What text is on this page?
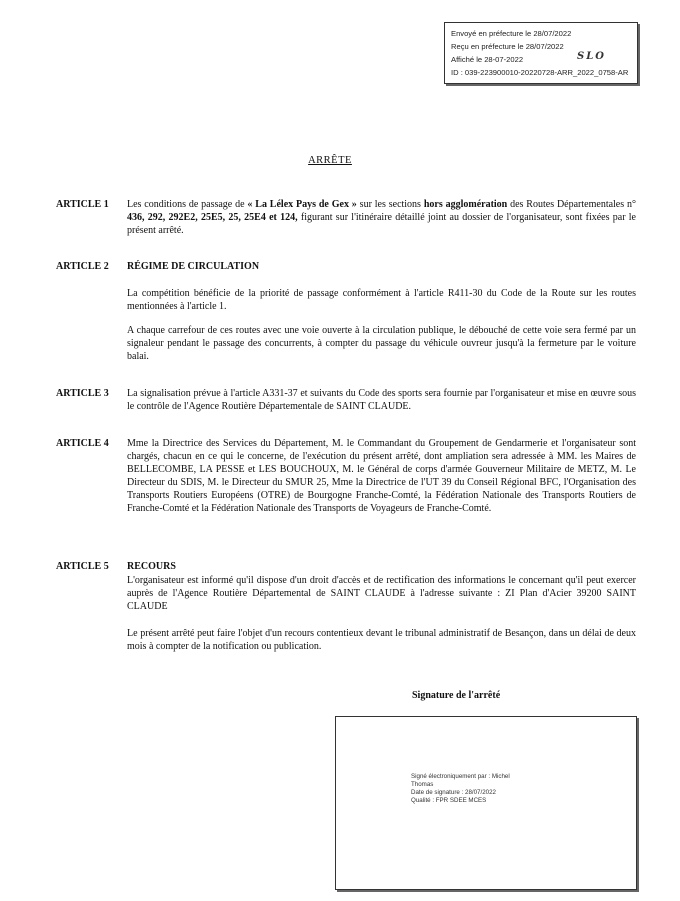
Envoyé en préfecture le 28/07/2022
Reçu en préfecture le 28/07/2022
Affiché le 28-07-2022	SLO
ID : 039-223900010-20220728-ARR_2022_0758-AR
ARRÊTE
ARTICLE 1	Les conditions de passage de « La Lélex Pays de Gex » sur les sections hors agglomération des Routes Départementales n° 436, 292, 292E2, 25E5, 25, 25E4 et 124, figurant sur l'itinéraire détaillé joint au dossier de l'organisateur, sont fixées par le présent arrêté.
ARTICLE 2	RÉGIME DE CIRCULATION
La compétition bénéficie de la priorité de passage conformément à l'article R411-30 du Code de la Route sur les routes mentionnées à l'article 1.
A chaque carrefour de ces routes avec une voie ouverte à la circulation publique, le débouché de cette voie sera fermé par un signaleur pendant le passage des concurrents, à compter du passage du véhicule ouvreur jusqu'à la fermeture par le voiture balai.
ARTICLE 3	La signalisation prévue à l'article A331-37 et suivants du Code des sports sera fournie par l'organisateur et mise en œuvre sous le contrôle de l'Agence Routière Départementale de SAINT CLAUDE.
ARTICLE 4	Mme la Directrice des Services du Département, M. le Commandant du Groupement de Gendarmerie et l'organisateur sont chargés, chacun en ce qui le concerne, de l'exécution du présent arrêté, dont ampliation sera adressée à MM. les Maires de BELLECOMBE, LA PESSE et LES BOUCHOUX, M. le Général de corps d'armée Gouverneur Militaire de METZ, M. Le Directeur du SDIS, M. le Directeur du SMUR 25, Mme la Directrice de l'UT 39 du Conseil Régional BFC, l'Organisation des Transports Routiers Européens (OTRE) de Bourgogne Franche-Comté, la Fédération Nationale des Transports Routiers de Franche-Comté et la Fédération Nationale des Transports de Voyageurs de Franche-Comté.
ARTICLE 5	RECOURS
L'organisateur est informé qu'il dispose d'un droit d'accès et de rectification des informations le concernant qu'il peut exercer auprès de l'Agence Routière Départemental de SAINT CLAUDE à l'adresse suivante : ZI Plan d'Acier 39200 SAINT CLAUDE
Le présent arrêté peut faire l'objet d'un recours contentieux devant le tribunal administratif de Besançon, dans un délai de deux mois à compter de la notification ou publication.
Signature de l'arrêté
Signé électroniquement par : Michel
Thomas
Date de signature : 28/07/2022
Qualité : FPR SDEE MCES
